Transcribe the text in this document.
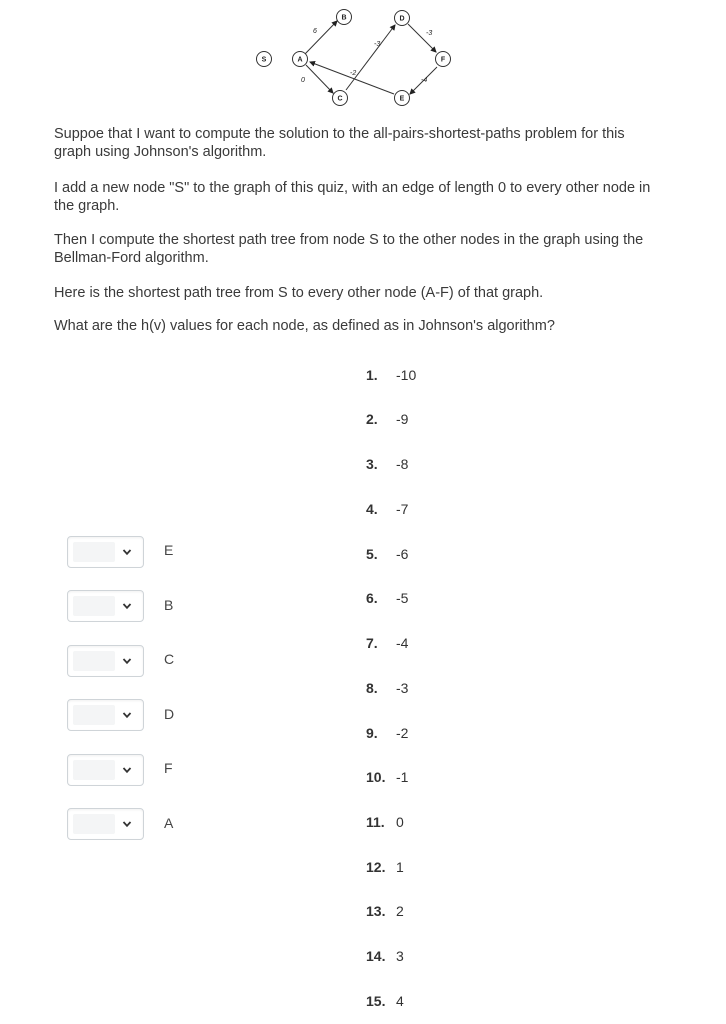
6
0
-3
-2
-3
-4
S	A
B
C
D
E
F

Suppoe that I want to compute the solution to the all-pairs-shortest-paths problem for this graph using Johnson's algorithm.

I add a new node "S" to the graph of this quiz, with an edge of length 0 to every other node in the graph.

Then I compute the shortest path tree from node S to the other nodes in the graph using the Bellman-Ford algorithm.

Here is the shortest path tree from S to every other node (A-F) of that graph.

What are the h(v) values for each node, as defined as in Johnson's algorithm?

E
B
C
D
F
A
1. -10
2. -9
3. -8
4. -7
5. -6
6. -5
7. -4
8. -3
9. -2
10. -1
11. 0
12. 1
13. 2
14. 3
15. 4
